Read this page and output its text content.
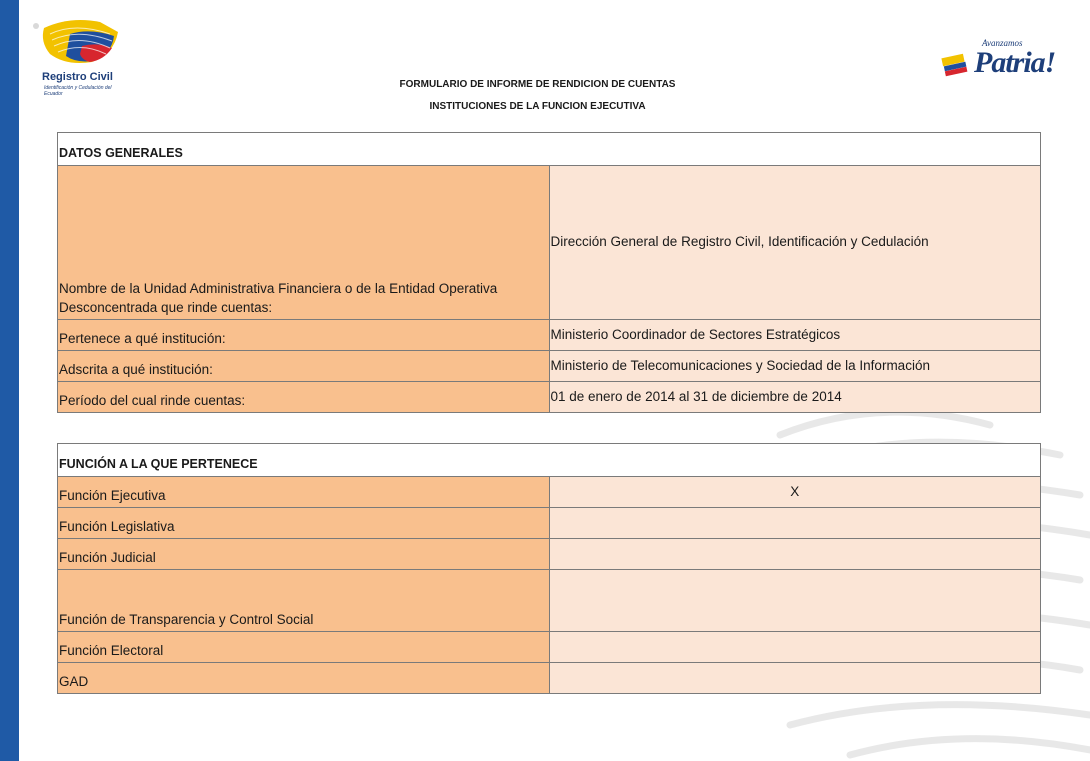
Registro Civil
Identificación y Cedulación del Ecuador
Avanzamos
Patria!
FORMULARIO DE INFORME DE RENDICION DE CUENTAS
INSTITUCIONES DE LA FUNCION EJECUTIVA
DATOS GENERALES	
Nombre de la Unidad Administrativa Financiera o de la Entidad Operativa Desconcentrada que rinde cuentas:	Dirección General de Registro Civil, Identificación y Cedulación
Pertenece a qué institución:	Ministerio Coordinador de Sectores Estratégicos
Adscrita a qué institución:	Ministerio de Telecomunicaciones y Sociedad de la Información
Período del cual rinde cuentas:	01 de enero de 2014 al 31 de diciembre de 2014
FUNCIÓN A LA QUE PERTENECE	
Función Ejecutiva	X
Función Legislativa	
Función Judicial	
Función de Transparencia y Control Social	
Función Electoral	
GAD	
